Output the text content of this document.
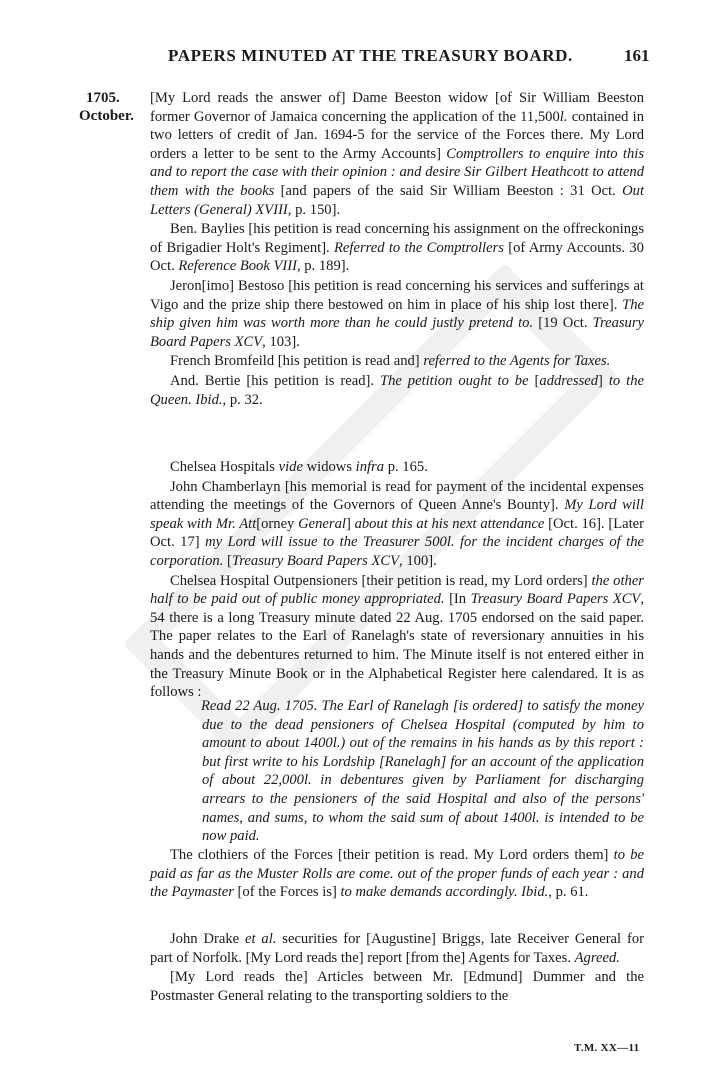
PAPERS MINUTED AT THE TREASURY BOARD.	161
1705.
October.

[My Lord reads the answer of] Dame Beeston widow [of Sir William Beeston former Governor of Jamaica concerning the application of the 11,500l. contained in two letters of credit of Jan. 1694-5 for the service of the Forces there. My Lord orders a letter to be sent to the Army Accounts] Comptrollers to enquire into this and to report the case with their opinion : and desire Sir Gilbert Heathcott to attend them with the books [and papers of the said Sir William Beeston : 31 Oct. Out Letters (General) XVIII, p. 150].

Ben. Baylies [his petition is read concerning his assignment on the offreckonings of Brigadier Holt's Regiment]. Referred to the Comptrollers [of Army Accounts. 30 Oct. Reference Book VIII, p. 189].

Jeron[imo] Bestoso [his petition is read concerning his services and sufferings at Vigo and the prize ship there bestowed on him in place of his ship lost there]. The ship given him was worth more than he could justly pretend to. [19 Oct. Treasury Board Papers XCV, 103].

French Bromfeild [his petition is read and] referred to the Agents for Taxes.

And. Bertie [his petition is read]. The petition ought to be [addressed] to the Queen. Ibid., p. 32.

Chelsea Hospitals vide widows infra p. 165.

John Chamberlayn [his memorial is read for payment of the incidental expenses attending the meetings of the Governors of Queen Anne's Bounty]. My Lord will speak with Mr. Att[orney General] about this at his next attendance [Oct. 16]. [Later Oct. 17] my Lord will issue to the Treasurer 500l. for the incident charges of the corporation. [Treasury Board Papers XCV, 100].

Chelsea Hospital Outpensioners [their petition is read, my Lord orders] the other half to be paid out of public money appropriated. [In Treasury Board Papers XCV, 54 there is a long Treasury minute dated 22 Aug. 1705 endorsed on the said paper. The paper relates to the Earl of Ranelagh's state of reversionary annuities in his hands and the debentures returned to him. The Minute itself is not entered either in the Treasury Minute Book or in the Alphabetical Register here calendared. It is as follows :

Read 22 Aug. 1705. The Earl of Ranelagh [is ordered] to satisfy the money due to the dead pensioners of Chelsea Hospital (computed by him to amount to about 1400l.) out of the remains in his hands as by this report : but first write to his Lordship [Ranelagh] for an account of the application of about 22,000l. in debentures given by Parliament for discharging arrears to the pensioners of the said Hospital and also of the persons' names, and sums, to whom the said sum of about 1400l. is intended to be now paid.

The clothiers of the Forces [their petition is read. My Lord orders them] to be paid as far as the Muster Rolls are come. out of the proper funds of each year : and the Paymaster [of the Forces is] to make demands accordingly. Ibid., p. 61.

John Drake et al. securities for [Augustine] Briggs, late Receiver General for part of Norfolk. [My Lord reads the] report [from the] Agents for Taxes. Agreed.

[My Lord reads the] Articles between Mr. [Edmund] Dummer and the Postmaster General relating to the transporting soldiers to the

T.M. XX—11
